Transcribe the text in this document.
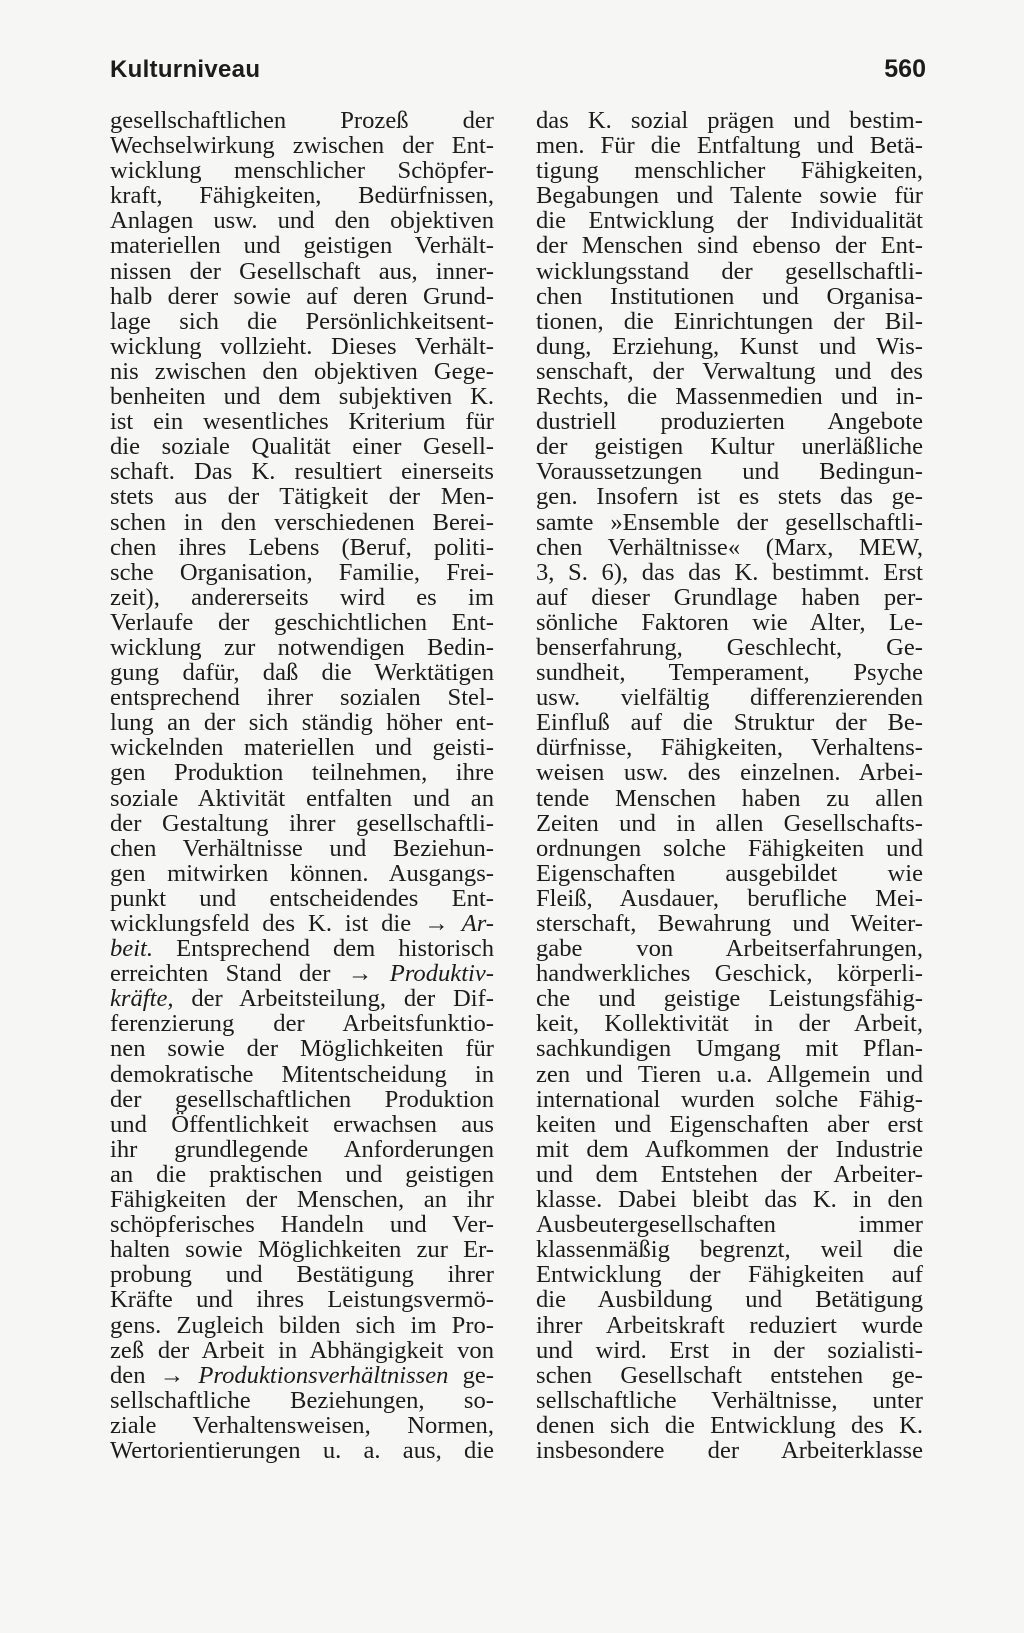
Kulturniveau	560
gesellschaftlichen Prozeß der
Wechselwirkung zwischen der Ent-
wicklung menschlicher Schöpfer-
kraft, Fähigkeiten, Bedürfnissen,
Anlagen usw. und den objektiven
materiellen und geistigen Verhält-
nissen der Gesellschaft aus, inner-
halb derer sowie auf deren Grund-
lage sich die Persönlichkeitsent-
wicklung vollzieht. Dieses Verhält-
nis zwischen den objektiven Gege-
benheiten und dem subjektiven K.
ist ein wesentliches Kriterium für
die soziale Qualität einer Gesell-
schaft. Das K. resultiert einerseits
stets aus der Tätigkeit der Men-
schen in den verschiedenen Berei-
chen ihres Lebens (Beruf, politi-
sche Organisation, Familie, Frei-
zeit), andererseits wird es im
Verlaufe der geschichtlichen Ent-
wicklung zur notwendigen Bedin-
gung dafür, daß die Werktätigen
entsprechend ihrer sozialen Stel-
lung an der sich ständig höher ent-
wickelnden materiellen und geisti-
gen Produktion teilnehmen, ihre
soziale Aktivität entfalten und an
der Gestaltung ihrer gesellschaftli-
chen Verhältnisse und Beziehun-
gen mitwirken können. Ausgangs-
punkt und entscheidendes Ent-
wicklungsfeld des K. ist die → Ar-
beit. Entsprechend dem historisch
erreichten Stand der → Produktiv-
kräfte, der Arbeitsteilung, der Dif-
ferenzierung der Arbeitsfunktio-
nen sowie der Möglichkeiten für
demokratische Mitentscheidung in
der gesellschaftlichen Produktion
und Öffentlichkeit erwachsen aus
ihr grundlegende Anforderungen
an die praktischen und geistigen
Fähigkeiten der Menschen, an ihr
schöpferisches Handeln und Ver-
halten sowie Möglichkeiten zur Er-
probung und Bestätigung ihrer
Kräfte und ihres Leistungsvermö-
gens. Zugleich bilden sich im Pro-
zeß der Arbeit in Abhängigkeit von
den → Produktionsverhältnissen ge-
sellschaftliche Beziehungen, so-
ziale Verhaltensweisen, Normen,
Wertorientierungen u. a. aus, die
das K. sozial prägen und bestim-
men. Für die Entfaltung und Betä-
tigung menschlicher Fähigkeiten,
Begabungen und Talente sowie für
die Entwicklung der Individualität
der Menschen sind ebenso der Ent-
wicklungsstand der gesellschaftli-
chen Institutionen und Organisa-
tionen, die Einrichtungen der Bil-
dung, Erziehung, Kunst und Wis-
senschaft, der Verwaltung und des
Rechts, die Massenmedien und in-
dustriell produzierten Angebote
der geistigen Kultur unerläßliche
Voraussetzungen und Bedingun-
gen. Insofern ist es stets das ge-
samte »Ensemble der gesellschaftli-
chen Verhältnisse« (Marx, MEW,
3, S. 6), das das K. bestimmt. Erst
auf dieser Grundlage haben per-
sönliche Faktoren wie Alter, Le-
benserfahrung, Geschlecht, Ge-
sundheit, Temperament, Psyche
usw. vielfältig differenzierenden
Einfluß auf die Struktur der Be-
dürfnisse, Fähigkeiten, Verhaltens-
weisen usw. des einzelnen. Arbei-
tende Menschen haben zu allen
Zeiten und in allen Gesellschafts-
ordnungen solche Fähigkeiten und
Eigenschaften ausgebildet wie
Fleiß, Ausdauer, berufliche Mei-
sterschaft, Bewahrung und Weiter-
gabe von Arbeitserfahrungen,
handwerkliches Geschick, körperli-
che und geistige Leistungsfähig-
keit, Kollektivität in der Arbeit,
sachkundigen Umgang mit Pflan-
zen und Tieren u.a. Allgemein und
international wurden solche Fähig-
keiten und Eigenschaften aber erst
mit dem Aufkommen der Industrie
und dem Entstehen der Arbeiter-
klasse. Dabei bleibt das K. in den
Ausbeutergesellschaften immer
klassenmäßig begrenzt, weil die
Entwicklung der Fähigkeiten auf
die Ausbildung und Betätigung
ihrer Arbeitskraft reduziert wurde
und wird. Erst in der sozialisti-
schen Gesellschaft entstehen ge-
sellschaftliche Verhältnisse, unter
denen sich die Entwicklung des K.
insbesondere der Arbeiterklasse
